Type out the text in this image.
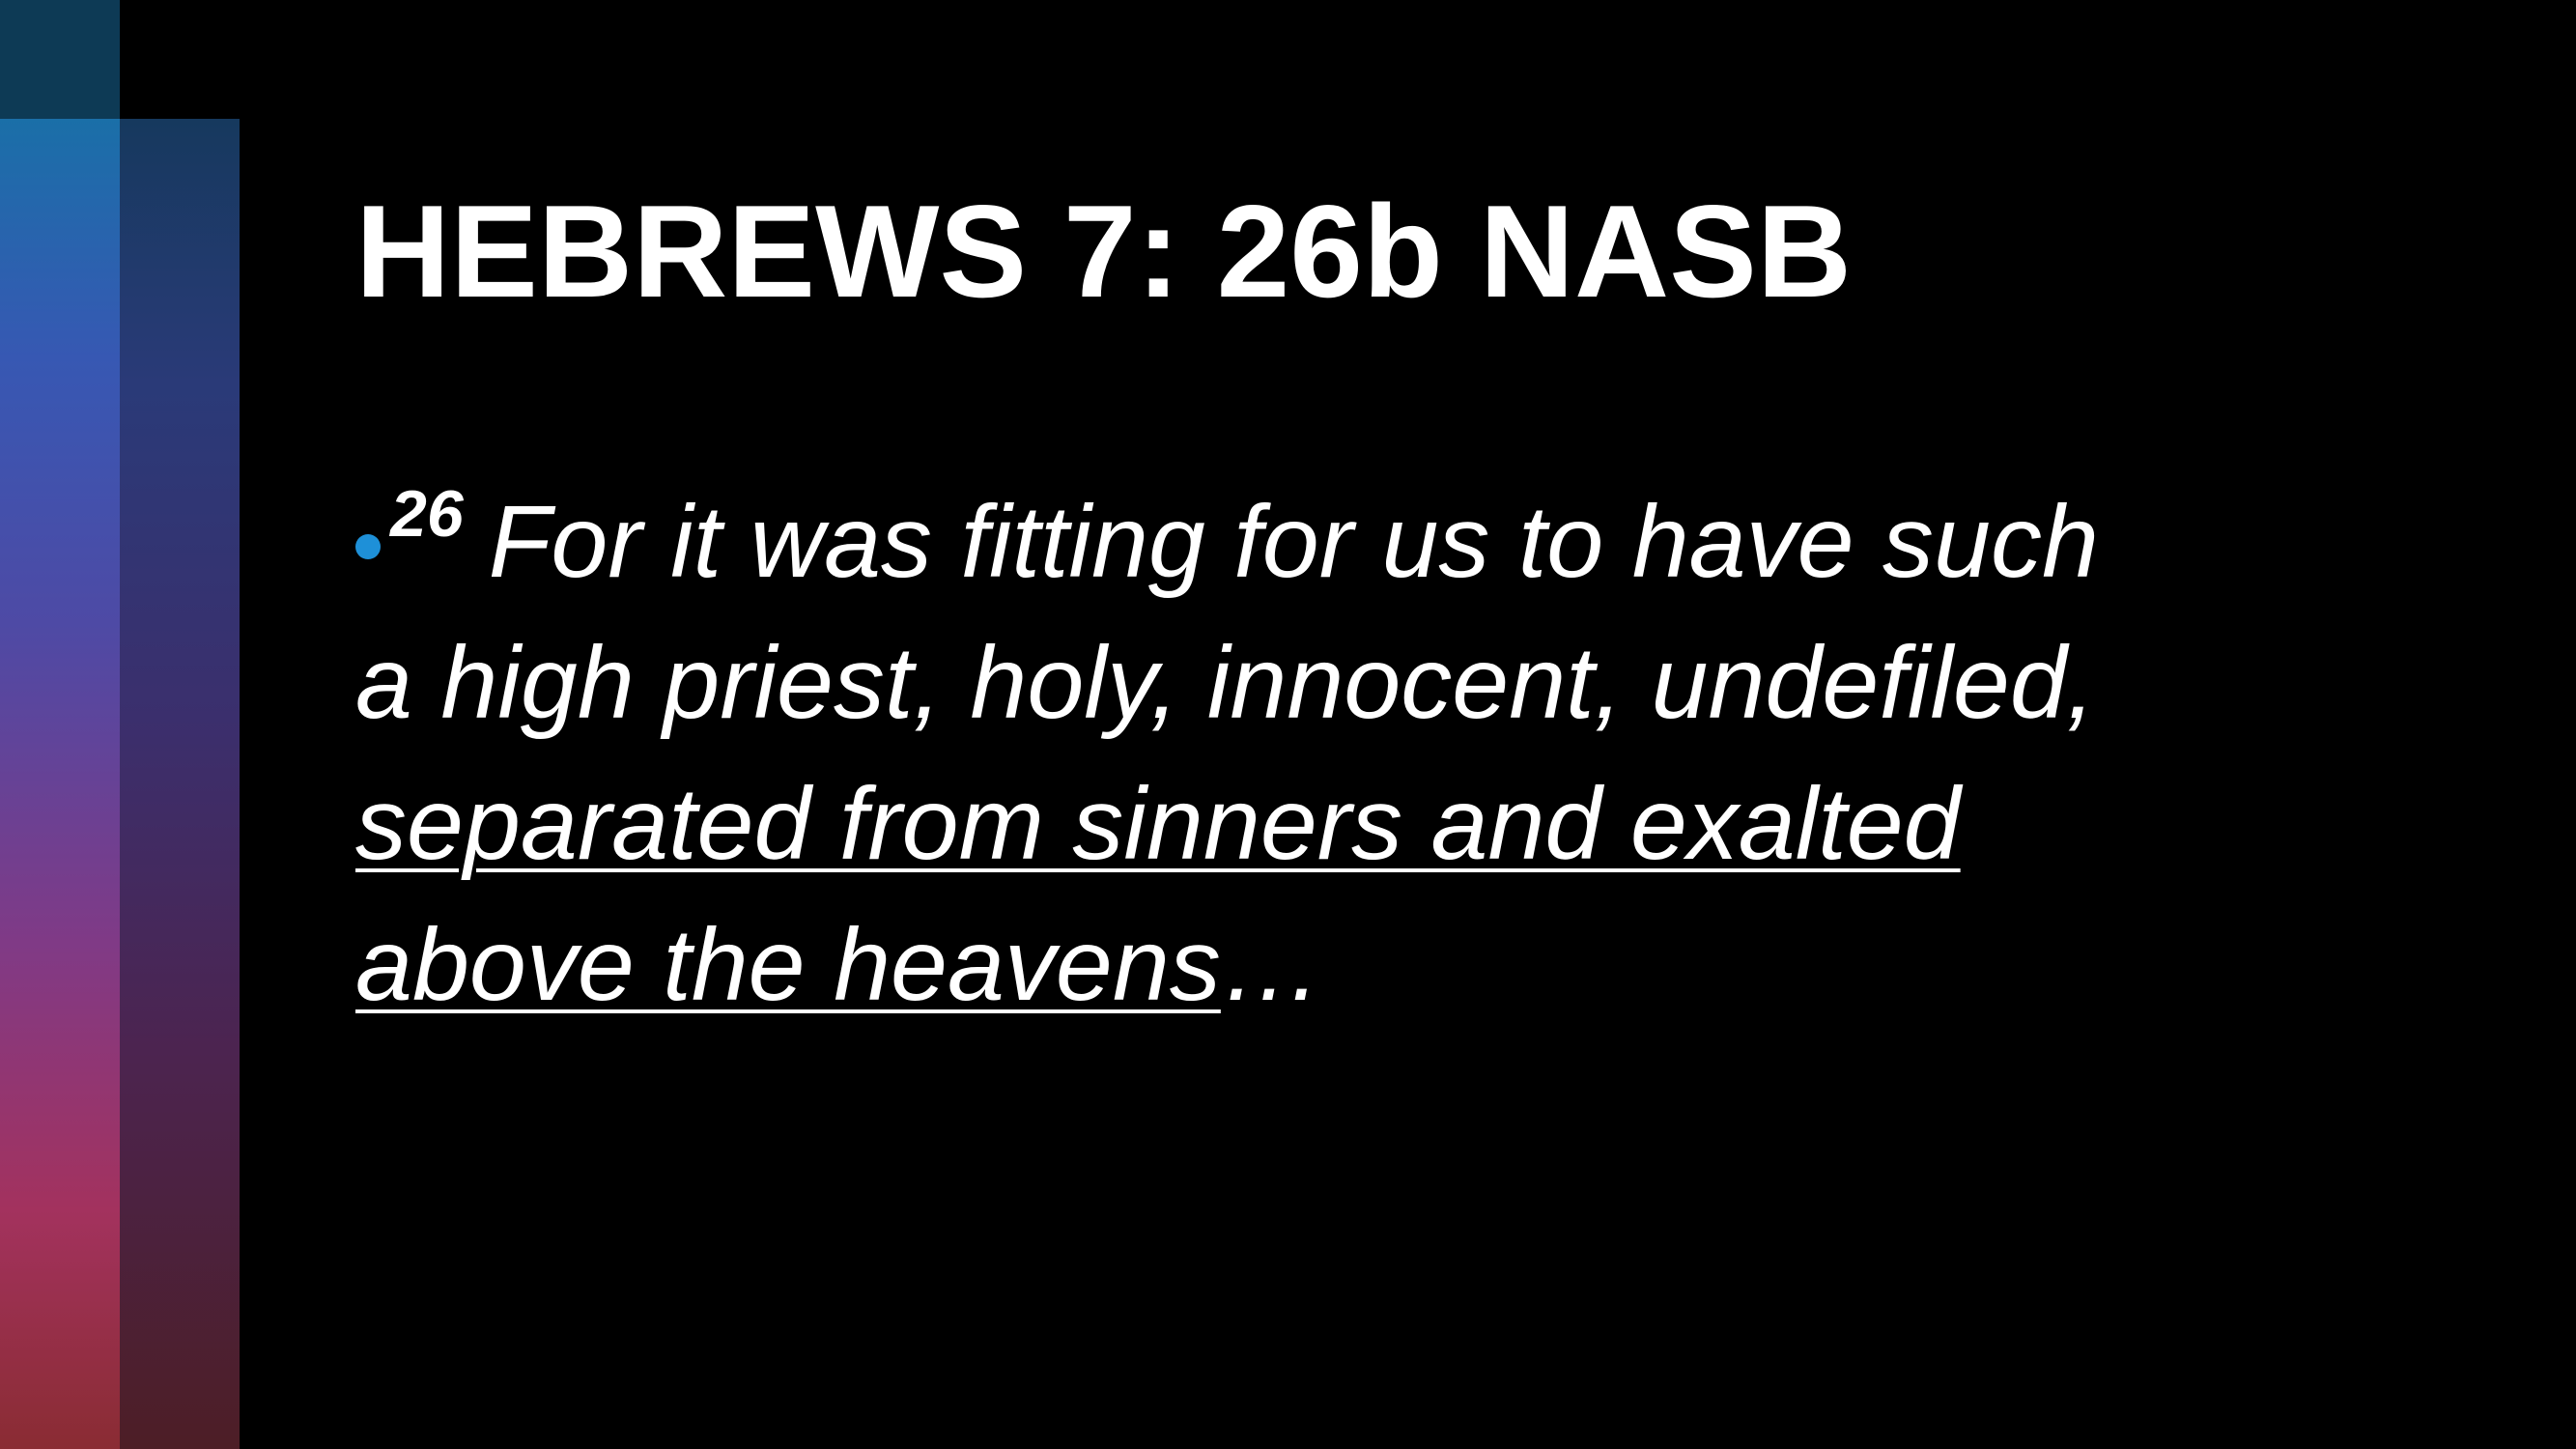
HEBREWS 7: 26b NASB
$^{26}$ For it was fitting for us to have such
a high priest, holy, innocent, undefiled,
separated from sinners and exalted
above the heavens…
